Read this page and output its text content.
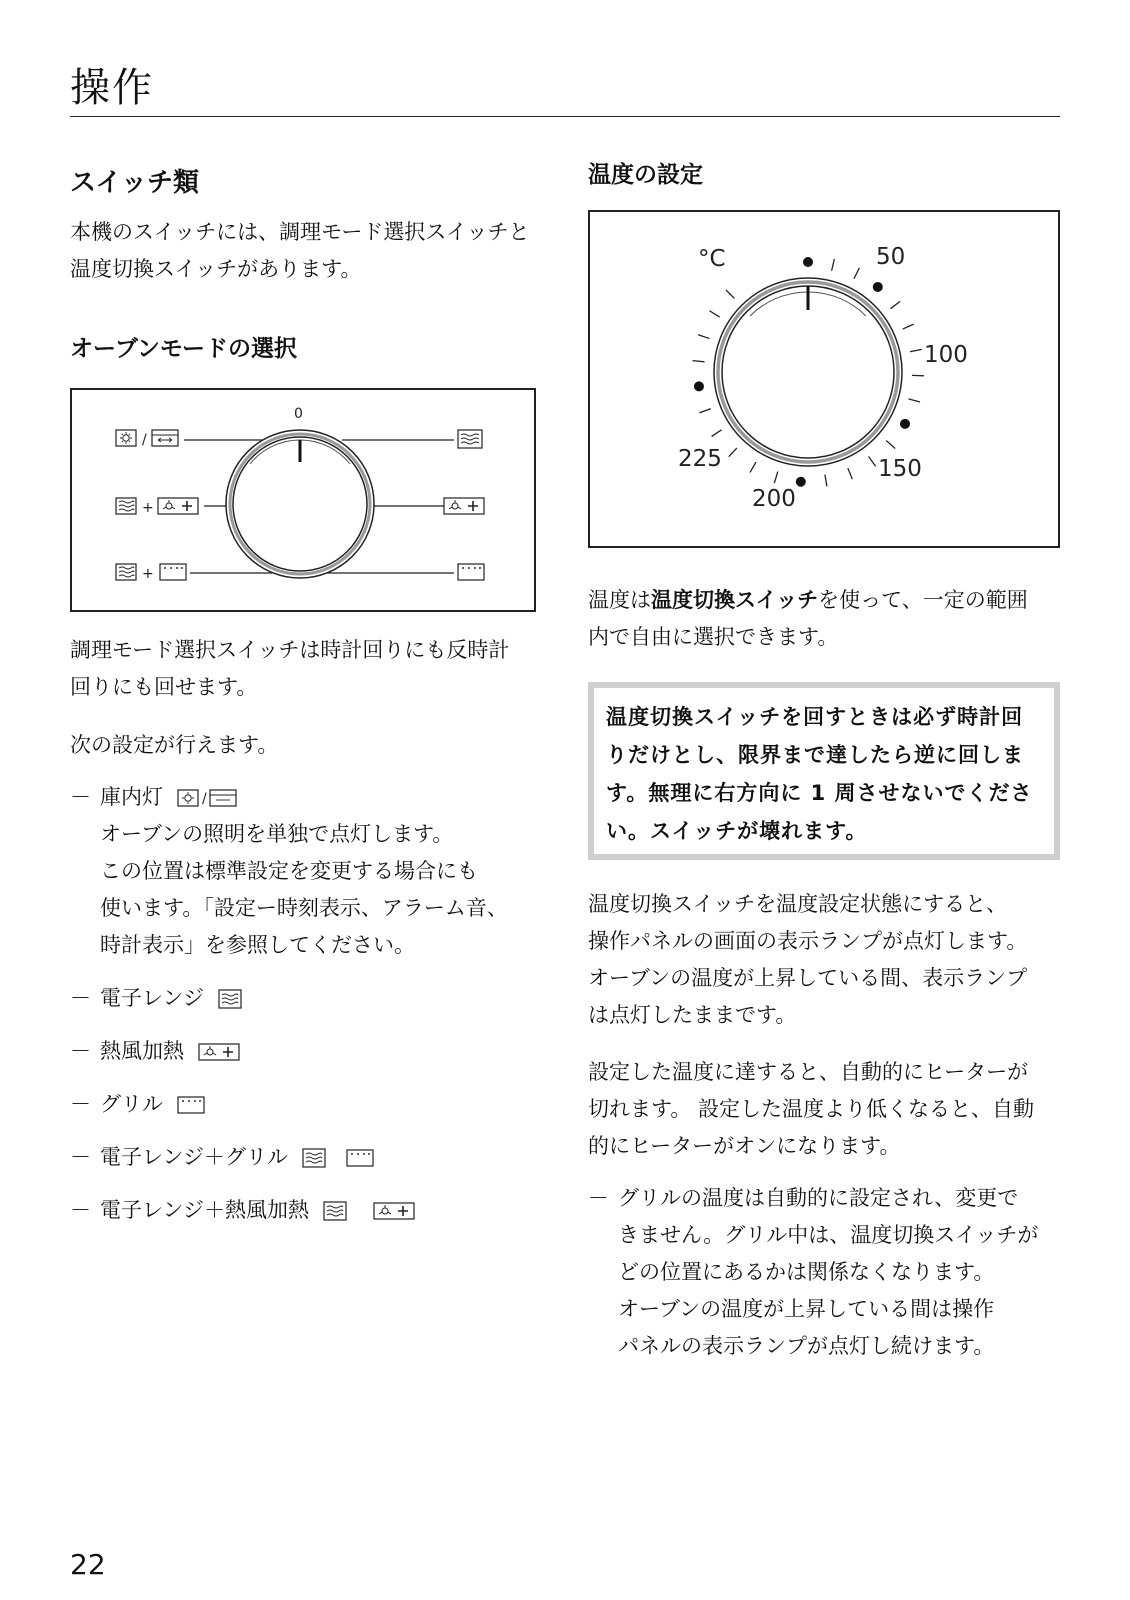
操作
スイッチ類

本機のスイッチには、調理モード選択スイッチと

温度切換スイッチがあります。

オーブンモードの選択
0
/
+
+

調理モード選択スイッチは時計回りにも反時計

回りにも回せます。

次の設定が行えます。

－ 庫内灯	/
オーブンの照明を単独で点灯します。
この位置は標準設定を変更する場合にも
使います。「設定ー時刻表示、アラーム音、
時計表示」を参照してください。
－ 電子レンジ
－ 熱風加熱
－ グリル
－ 電子レンジ＋グリル
－ 電子レンジ＋熱風加熱
温度の設定
°C	50
100
150
200
225

温度は温度切換スイッチを使って、一定の範囲

内で自由に選択できます。

温度切換スイッチを回すときは必ず時計回

りだけとし、限界まで達したら逆に回しま

す。無理に右方向に 1 周させないでくださ

い。スイッチが壊れます。

温度切換スイッチを温度設定状態にすると、

操作パネルの画面の表示ランプが点灯します。

オーブンの温度が上昇している間、表示ランプ

は点灯したままです。

設定した温度に達すると、自動的にヒーターが

切れます。 設定した温度より低くなると、自動

的にヒーターがオンになります。

－ グリルの温度は自動的に設定され、変更で
きません。グリル中は、温度切換スイッチが
どの位置にあるかは関係なくなります。
オーブンの温度が上昇している間は操作
パネルの表示ランプが点灯し続けます。
22
